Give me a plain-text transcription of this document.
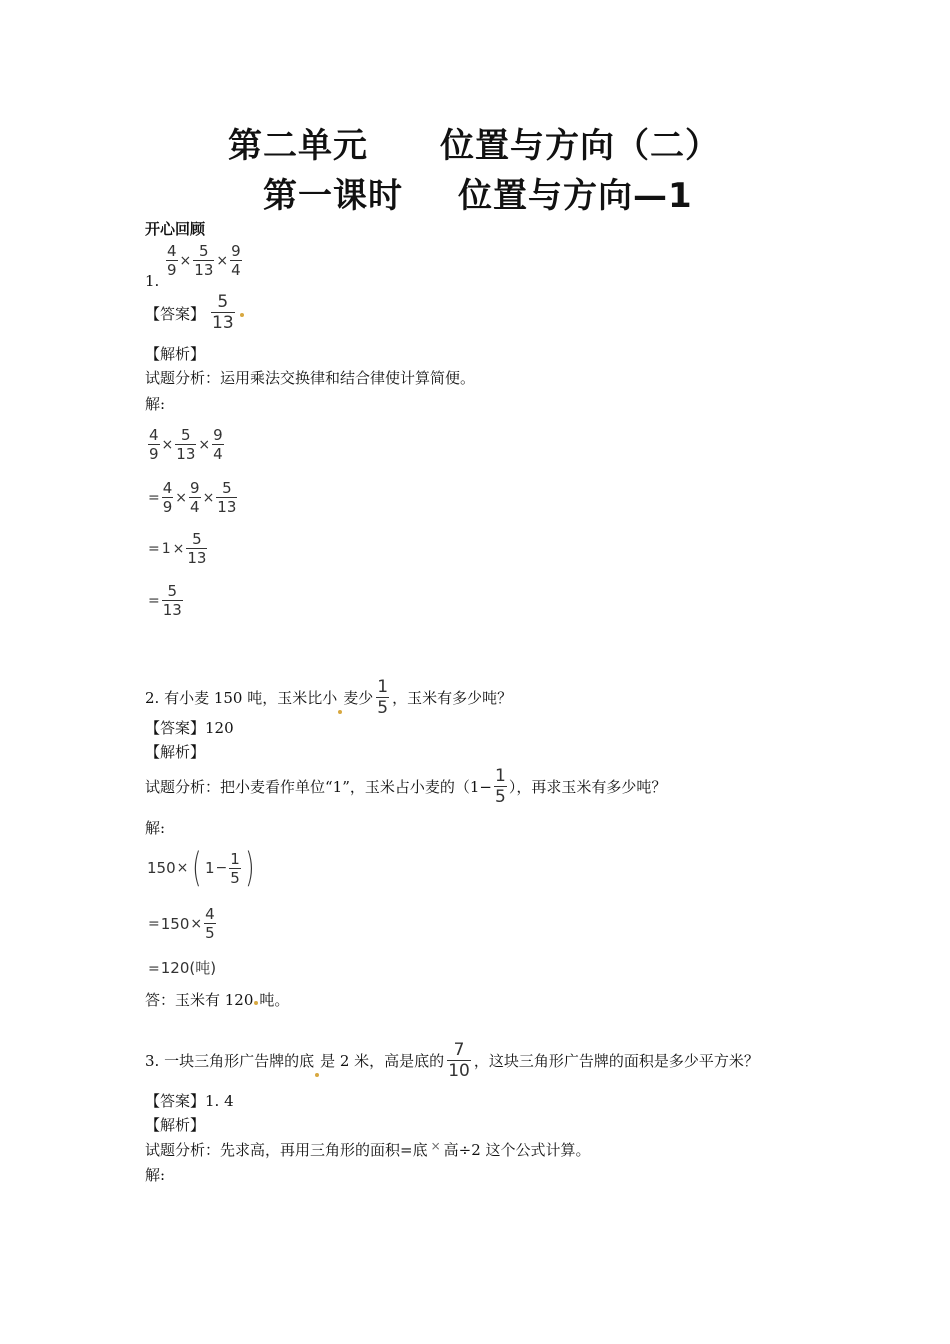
第二单元 位置与方向（二）
第一课时 位置与方向—1
开心回顾
1.
$\frac{4}{9} \times \frac{5}{13} \times \frac{9}{4}$
【答案】 $\frac{5}{13}$
【解析】
试题分析：运用乘法交换律和结合律使计算简便。
解:
$\frac{4}{9} \times \frac{5}{13} \times \frac{9}{4}$
= $\frac{4}{9} \times \frac{9}{4} \times \frac{5}{13}$
= $1 \times \frac{5}{13}$
= $\frac{5}{13}$
2. 有小麦 150 吨，玉米比小 麦少 $\frac{1}{5}$ ，玉米有多少吨？
【答案】120
【解析】
试题分析：把小麦看作单位“1”，玉米占小麦的（$1- \frac{1}{5}$ ），再求玉米有多少吨？
解:
150 × ( $1 - \frac{1}{5}$ )
= $150 \times \frac{4}{5}$
=120(吨)
答：玉米有 120 吨。
3. 一块三角形广告牌的底 是 2 米，高是底的 $\frac{7}{10}$ ，这块三角形广告牌的面积是多少平方米？
【答案】1. 4
【解析】
试题分析：先求高，再用三角形的面积=底 × 高÷2 这个公式计算。
解:
